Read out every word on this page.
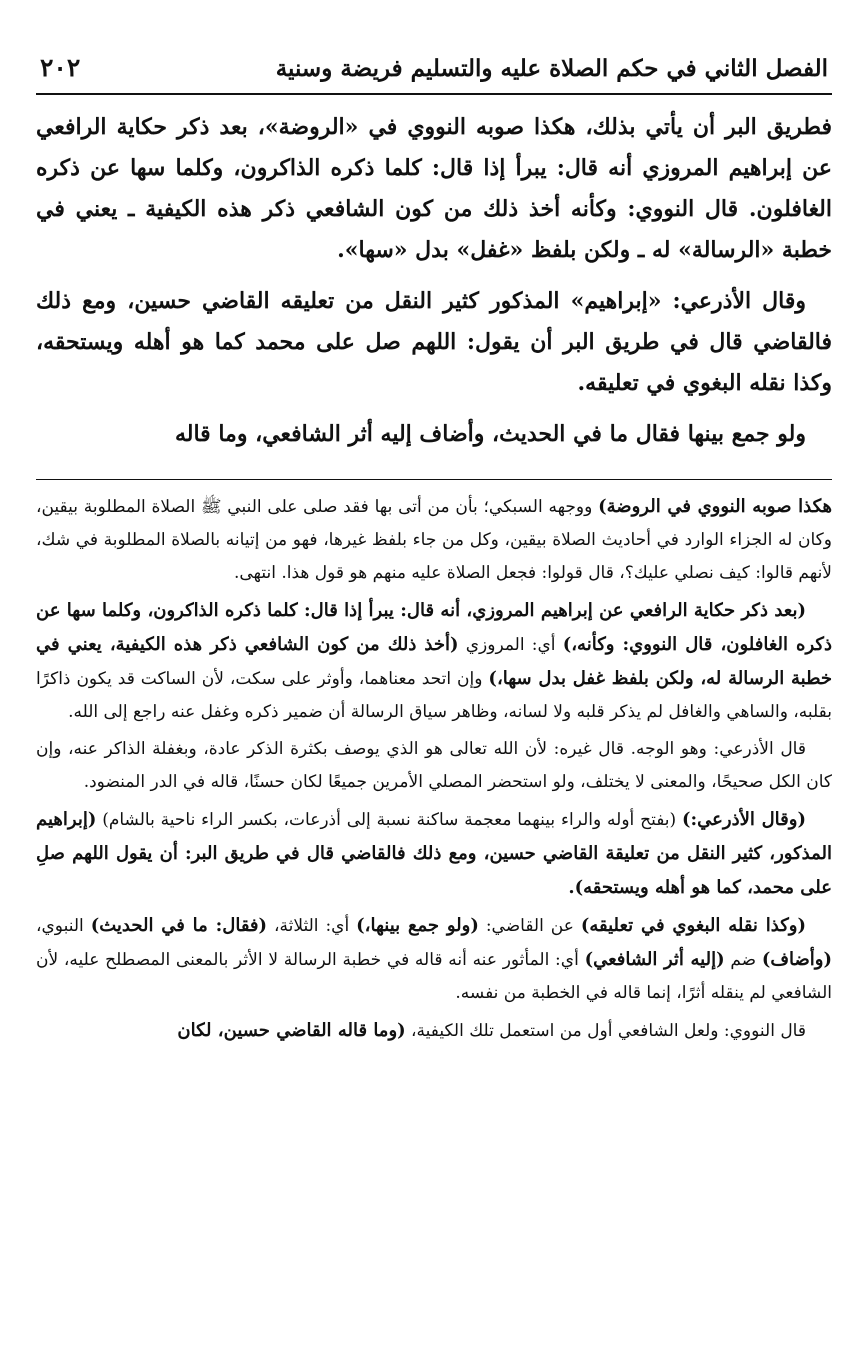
الفصل الثاني في حكم الصلاة عليه والتسليم فريضة وسنية
٢٠٢

فطريق البر أن يأتي بذلك، هكذا صوبه النووي في «الروضة»، بعد ذكر حكاية الرافعي عن إبراهيم المروزي أنه قال: يبرأ إذا قال: كلما ذكره الذاكرون، وكلما سها عن ذكره الغافلون. قال النووي: وكأنه أخذ ذلك من كون الشافعي ذكر هذه الكيفية ـ يعني في خطبة «الرسالة» له ـ ولكن بلفظ «غفل» بدل «سها».

وقال الأذرعي: «إبراهيم» المذكور كثير النقل من تعليقه القاضي حسين، ومع ذلك فالقاضي قال في طريق البر أن يقول: اللهم صل على محمد كما هو أهله ويستحقه، وكذا نقله البغوي في تعليقه.

ولو جمع بينها فقال ما في الحديث، وأضاف إليه أثر الشافعي، وما قاله

هكذا صوبه النووي في الروضة) ووجهه السبكي؛ بأن من أتى بها فقد صلى على النبي ﷺ الصلاة المطلوبة بيقين، وكان له الجزاء الوارد في أحاديث الصلاة بيقين، وكل من جاء بلفظ غيرها، فهو من إتيانه بالصلاة المطلوبة في شك، لأنهم قالوا: كيف نصلي عليك؟، قال قولوا: فجعل الصلاة عليه منهم هو قول هذا. انتهى.

(بعد ذكر حكاية الرافعي عن إبراهيم المروزي، أنه قال: يبرأ إذا قال: كلما ذكره الذاكرون، وكلما سها عن ذكره الغافلون، قال النووي: وكأنه،) أي: المروزي (أخذ ذلك من كون الشافعي ذكر هذه الكيفية، يعني في خطبة الرسالة له، ولكن بلفظ غفل بدل سها،) وإن اتحد معناهما، وأوثر على سكت، لأن الساكت قد يكون ذاكرًا بقلبه، والساهي والغافل لم يذكر قلبه ولا لسانه، وظاهر سياق الرسالة أن ضمير ذكره وغفل عنه راجع إلى الله.

قال الأذرعي: وهو الوجه. قال غيره: لأن الله تعالى هو الذي يوصف بكثرة الذكر عادة، وبغفلة الذاكر عنه، وإن كان الكل صحيحًا، والمعنى لا يختلف، ولو استحضر المصلي الأمرين جميعًا لكان حسنًا، قاله في الدر المنضود.

(وقال الأذرعي:) (بفتح أوله والراء بينهما معجمة ساكنة نسبة إلى أذرعات، بكسر الراء ناحية بالشام) (إبراهيم المذكور، كثير النقل من تعليقة القاضي حسين، ومع ذلك فالقاضي قال في طريق البر: أن يقول اللهم صلِ على محمد، كما هو أهله ويستحقه).

(وكذا نقله البغوي في تعليقه) عن القاضي: (ولو جمع بينها،) أي: الثلاثة، (فقال: ما في الحديث) النبوي، (وأضاف) ضم (إليه أثر الشافعي) أي: المأثور عنه أنه قاله في خطبة الرسالة لا الأثر بالمعنى المصطلح عليه، لأن الشافعي لم ينقله أثرًا، إنما قاله في الخطبة من نفسه.

قال النووي: ولعل الشافعي أول من استعمل تلك الكيفية، (وما قاله القاضي حسين، لكان
